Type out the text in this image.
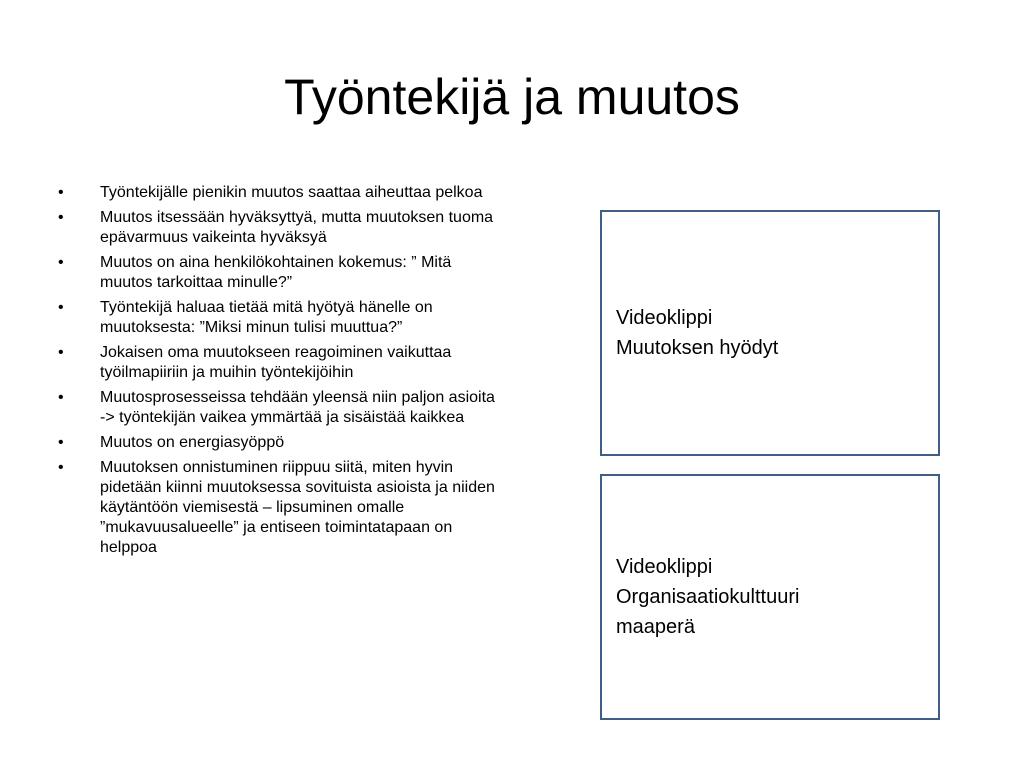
Työntekijä ja muutos
•	Työntekijälle pienikin muutos saattaa aiheuttaa pelkoa
•	Muutos itsessään hyväksyttyä, mutta muutoksen tuoma epävarmuus vaikeinta hyväksyä
•	Muutos on aina henkilökohtainen kokemus: ” Mitä muutos tarkoittaa minulle?”
•	Työntekijä haluaa tietää mitä hyötyä hänelle on muutoksesta: ”Miksi minun tulisi muuttua?”
•	Jokaisen oma muutokseen reagoiminen vaikuttaa työilmapiiriin ja muihin työntekijöihin
•	Muutosprosesseissa tehdään yleensä niin paljon asioita -> työntekijän vaikea ymmärtää ja sisäistää kaikkea
•	Muutos on energiasyöppö
•	Muutoksen onnistuminen riippuu siitä, miten hyvin pidetään kiinni muutoksessa sovituista asioista ja niiden käytäntöön viemisestä – lipsuminen omalle ”mukavuusalueelle” ja entiseen toimintatapaan on helppoa
Videoklippi
Muutoksen hyödyt
Videoklippi
Organisaatiokulttuuri
maaperä
